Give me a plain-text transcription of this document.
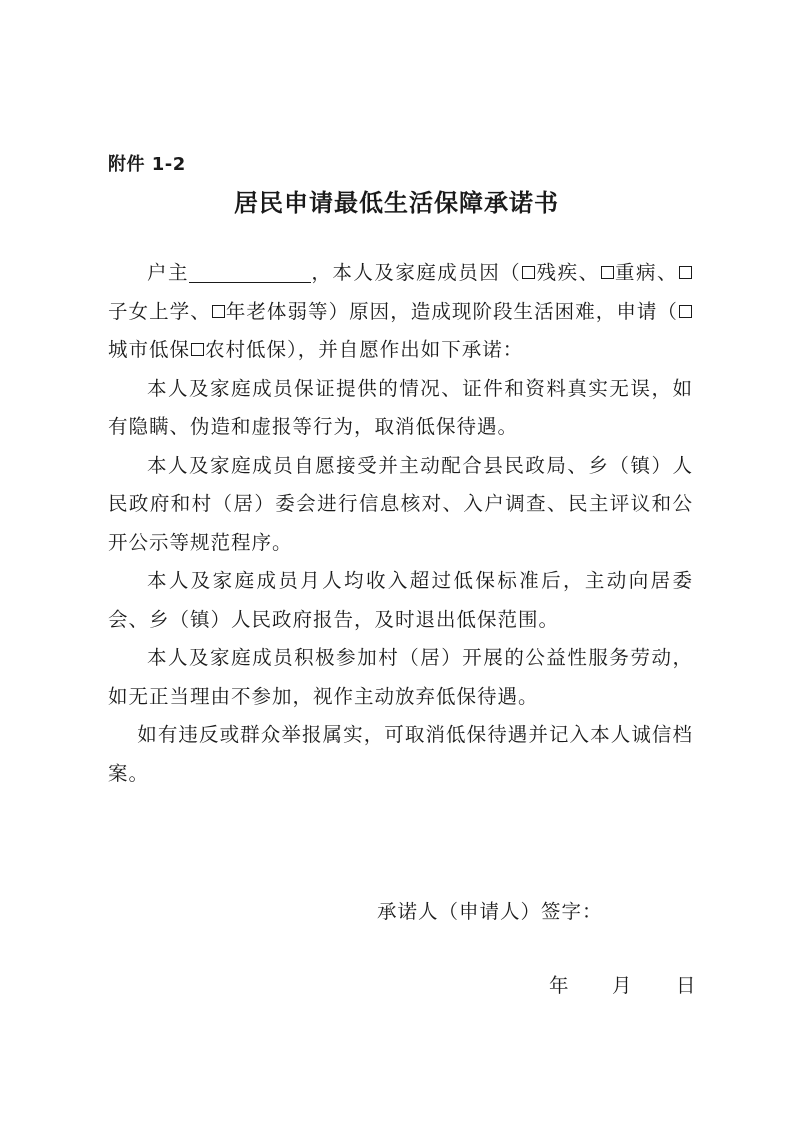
附件 1-2
居民申请最低生活保障承诺书

户主	，本人及家庭成员因（ 残疾、 重病、子女上学、 年老体弱等）原因，造成现阶段生活困难，申请（城市低保 农村低保），并自愿作出如下承诺：

本人及家庭成员保证提供的情况、证件和资料真实无误，如有隐瞒、伪造和虚报等行为，取消低保待遇。

本人及家庭成员自愿接受并主动配合县民政局、乡（镇）人民政府和村（居）委会进行信息核对、入户调查、民主评议和公开公示等规范程序。

本人及家庭成员月人均收入超过低保标准后，主动向居委会、乡（镇）人民政府报告，及时退出低保范围。

本人及家庭成员积极参加村（居）开展的公益性服务劳动，如无正当理由不参加，视作主动放弃低保待遇。

如有违反或群众举报属实，可取消低保待遇并记入本人诚信档案。

承诺人（申请人）签字：
年 月 日
